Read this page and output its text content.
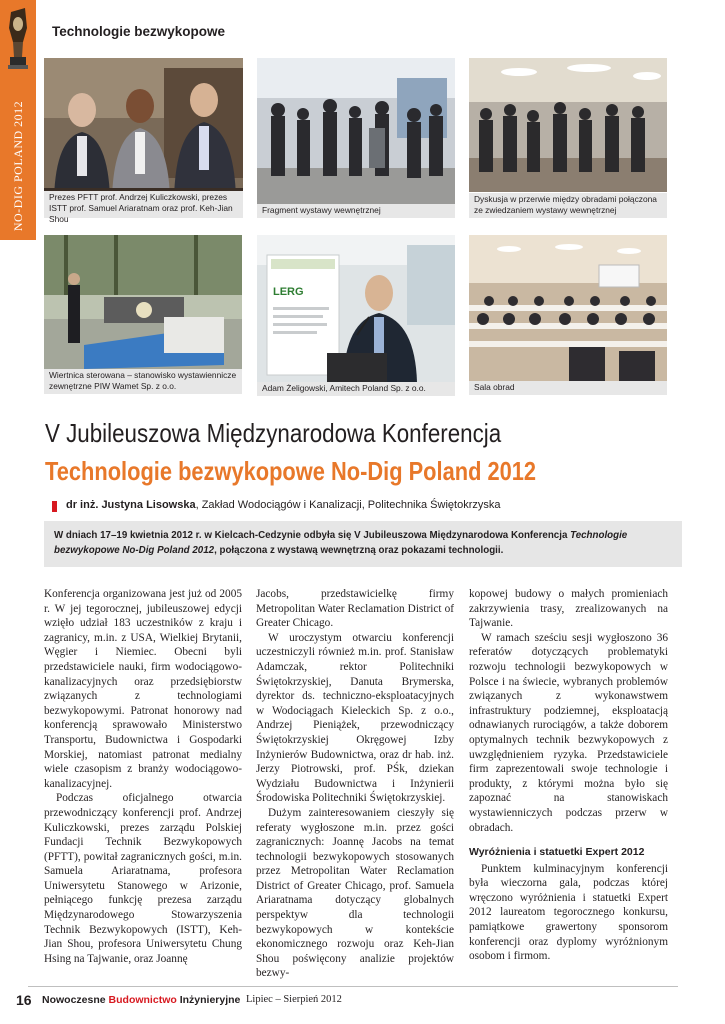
NO-DIG POLAND 2012
Technologie bezwykopowe
Prezes PFTT prof. Andrzej Kuliczkowski, prezes ISTT prof. Samuel Ariaratnam oraz prof. Keh-Jian Shou
Fragment wystawy wewnętrznej
Dyskusja w przerwie między obradami połączona ze zwiedzaniem wystawy wewnętrznej
Wiertnica sterowana – stanowisko wystawiennicze zewnętrzne PIW Wamet Sp. z o.o.
LERG
Adam Żeligowski, Amitech Poland Sp. z o.o.	Sala obrad
V Jubileuszowa Międzynarodowa Konferencja
Technologie bezwykopowe No-Dig Poland 2012
dr inż. Justyna Lisowska, Zakład Wodociągów i Kanalizacji, Politechnika Świętokrzyska
W dniach 17–19 kwietnia 2012 r. w Kielcach-Cedzynie odbyła się V Jubileuszowa Międzynarodowa Konferencja Technologie bezwykopowe No-Dig Poland 2012, połączona z wystawą wewnętrzną oraz pokazami technologii.

Konferencja organizowana jest już od 2005 r. W jej tegorocznej, jubileuszowej edycji wzięło udział 183 uczestników z kraju i zagranicy, m.in. z USA, Wielkiej Brytanii, Węgier i Niemiec. Obecni byli przedstawiciele nauki, firm wodociągowo-kanalizacyjnych oraz przedsiębiorstw związanych z technologiami bezwykopowymi. Patronat honorowy nad konferencją sprawowało Ministerstwo Transportu, Budownictwa i Gospodarki Morskiej, natomiast patronat medialny wiele czasopism z branży wodociągowo-kanalizacyjnej.

Podczas oficjalnego otwarcia przewodniczący konferencji prof. Andrzej Kuliczkowski, prezes zarządu Polskiej Fundacji Technik Bezwykopowych (PFTT), powitał zagranicznych gości, m.in. Samuela Ariaratnama, profesora Uniwersytetu Stanowego w Arizonie, pełniącego funkcję prezesa zarządu Międzynarodowego Stowarzyszenia Technik Bezwykopowych (ISTT), Keh-Jian Shou, profesora Uniwersytetu Chung Hsing na Tajwanie, oraz Joannę

Jacobs, przedstawicielkę firmy Metropolitan Water Reclamation District of Greater Chicago.

W uroczystym otwarciu konferencji uczestniczyli również m.in. prof. Stanisław Adamczak, rektor Politechniki Świętokrzyskiej, Danuta Brymerska, dyrektor ds. techniczno-eksploatacyjnych w Wodociągach Kieleckich Sp. z o.o., Andrzej Pieniążek, przewodniczący Świętokrzyskiej Okręgowej Izby Inżynierów Budownictwa, oraz dr hab. inż. Jerzy Piotrowski, prof. PŚk, dziekan Wydziału Budownictwa i Inżynierii Środowiska Politechniki Świętokrzyskiej.

Dużym zainteresowaniem cieszyły się referaty wygłoszone m.in. przez gości zagranicznych: Joannę Jacobs na temat technologii bezwykopowych stosowanych przez Metropolitan Water Reclamation District of Greater Chicago, prof. Samuela Ariaratnama dotyczący globalnych perspektyw dla technologii bezwykopowych w kontekście ekonomicznego rozwoju oraz Keh-Jian Shou poświęcony analizie projektów bezwy-

kopowej budowy o małych promieniach zakrzywienia trasy, zrealizowanych na Tajwanie.

W ramach sześciu sesji wygłoszono 36 referatów dotyczących problematyki rozwoju technologii bezwykopowych w Polsce i na świecie, wybranych problemów związanych z wykonawstwem infrastruktury podziemnej, eksploatacją odnawianych rurociągów, a także doborem optymalnych technik bezwykopowych z uwzględnieniem ryzyka. Przedstawiciele firm zaprezentowali swoje technologie i produkty, z którymi można było się zapoznać na stanowiskach wystawienniczych podczas przerw w obradach.

Wyróżnienia i statuetki Expert 2012

Punktem kulminacyjnym konferencji była wieczorna gala, podczas której wręczono wyróżnienia i statuetki Expert 2012 laureatom tegorocznego konkursu, pamiątkowe grawertony sponsorom konferencji oraz dyplomy wyróżnionym osobom i firmom.

16 Nowoczesne Budownictwo Inżynieryjne Lipiec – Sierpień 2012
